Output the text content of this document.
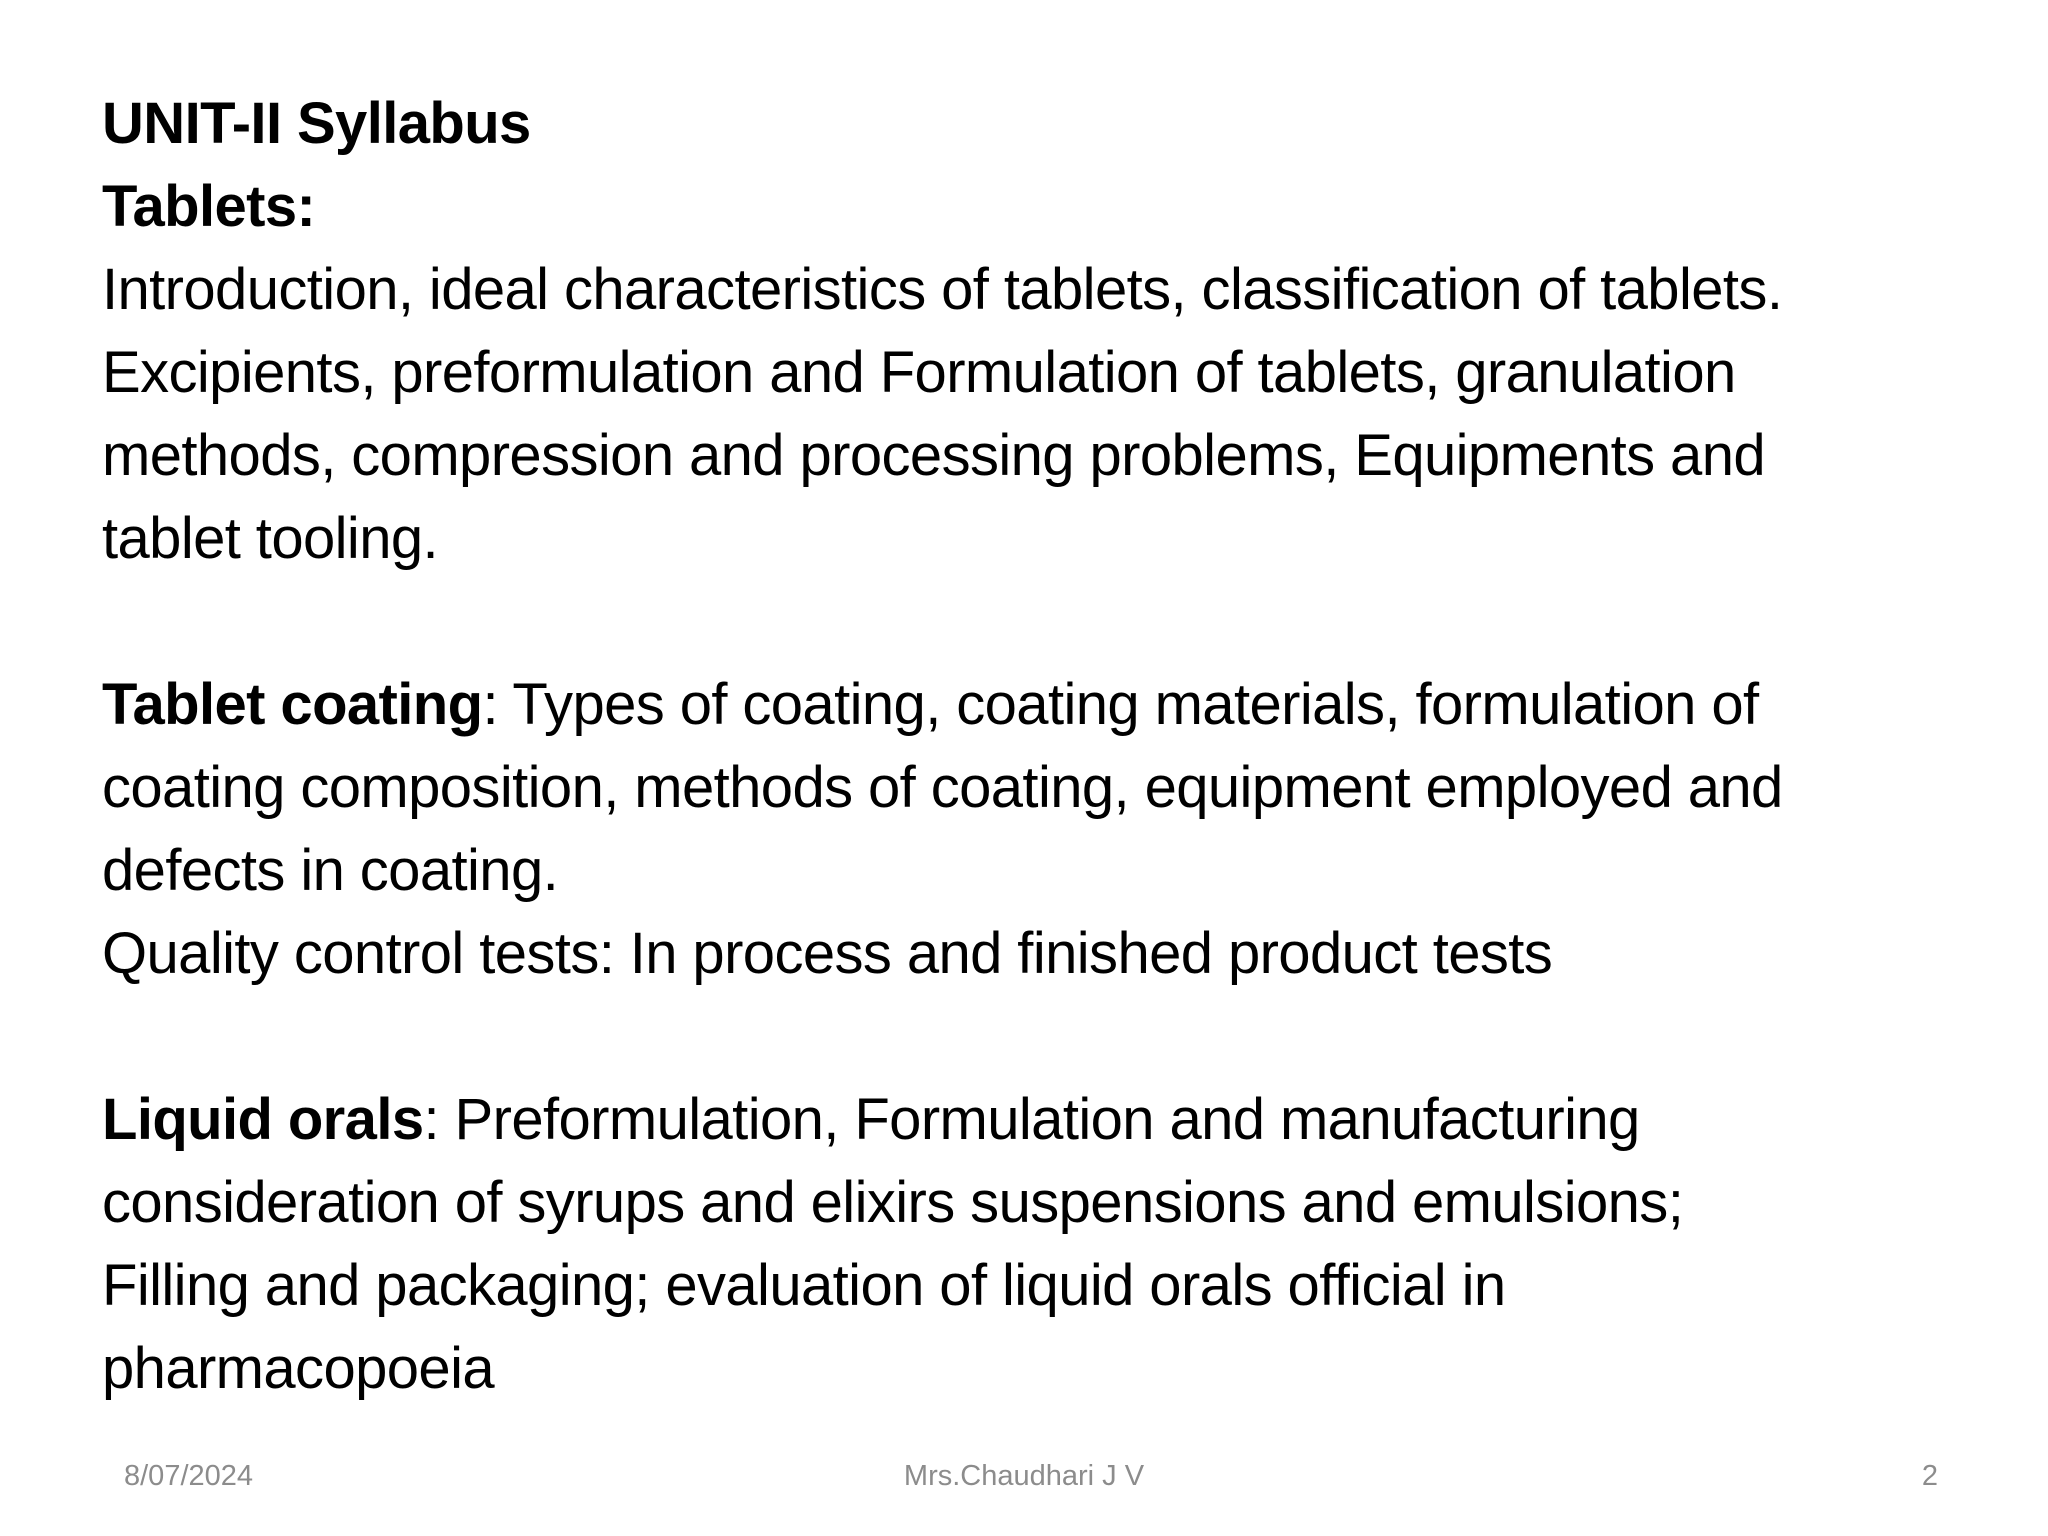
UNIT-II Syllabus
Tablets:
Introduction, ideal characteristics of tablets, classification of tablets.
Excipients, preformulation and Formulation of tablets, granulation
methods, compression and processing problems, Equipments and
tablet tooling.
Tablet coating: Types of coating, coating materials, formulation of
coating composition, methods of coating, equipment employed and
defects in coating.
Quality control tests: In process and finished product tests
Liquid orals: Preformulation, Formulation and manufacturing
consideration of syrups and elixirs suspensions and emulsions;
Filling and packaging; evaluation of liquid orals official in
pharmacopoeia
8/07/2024	Mrs.Chaudhari J V	2
